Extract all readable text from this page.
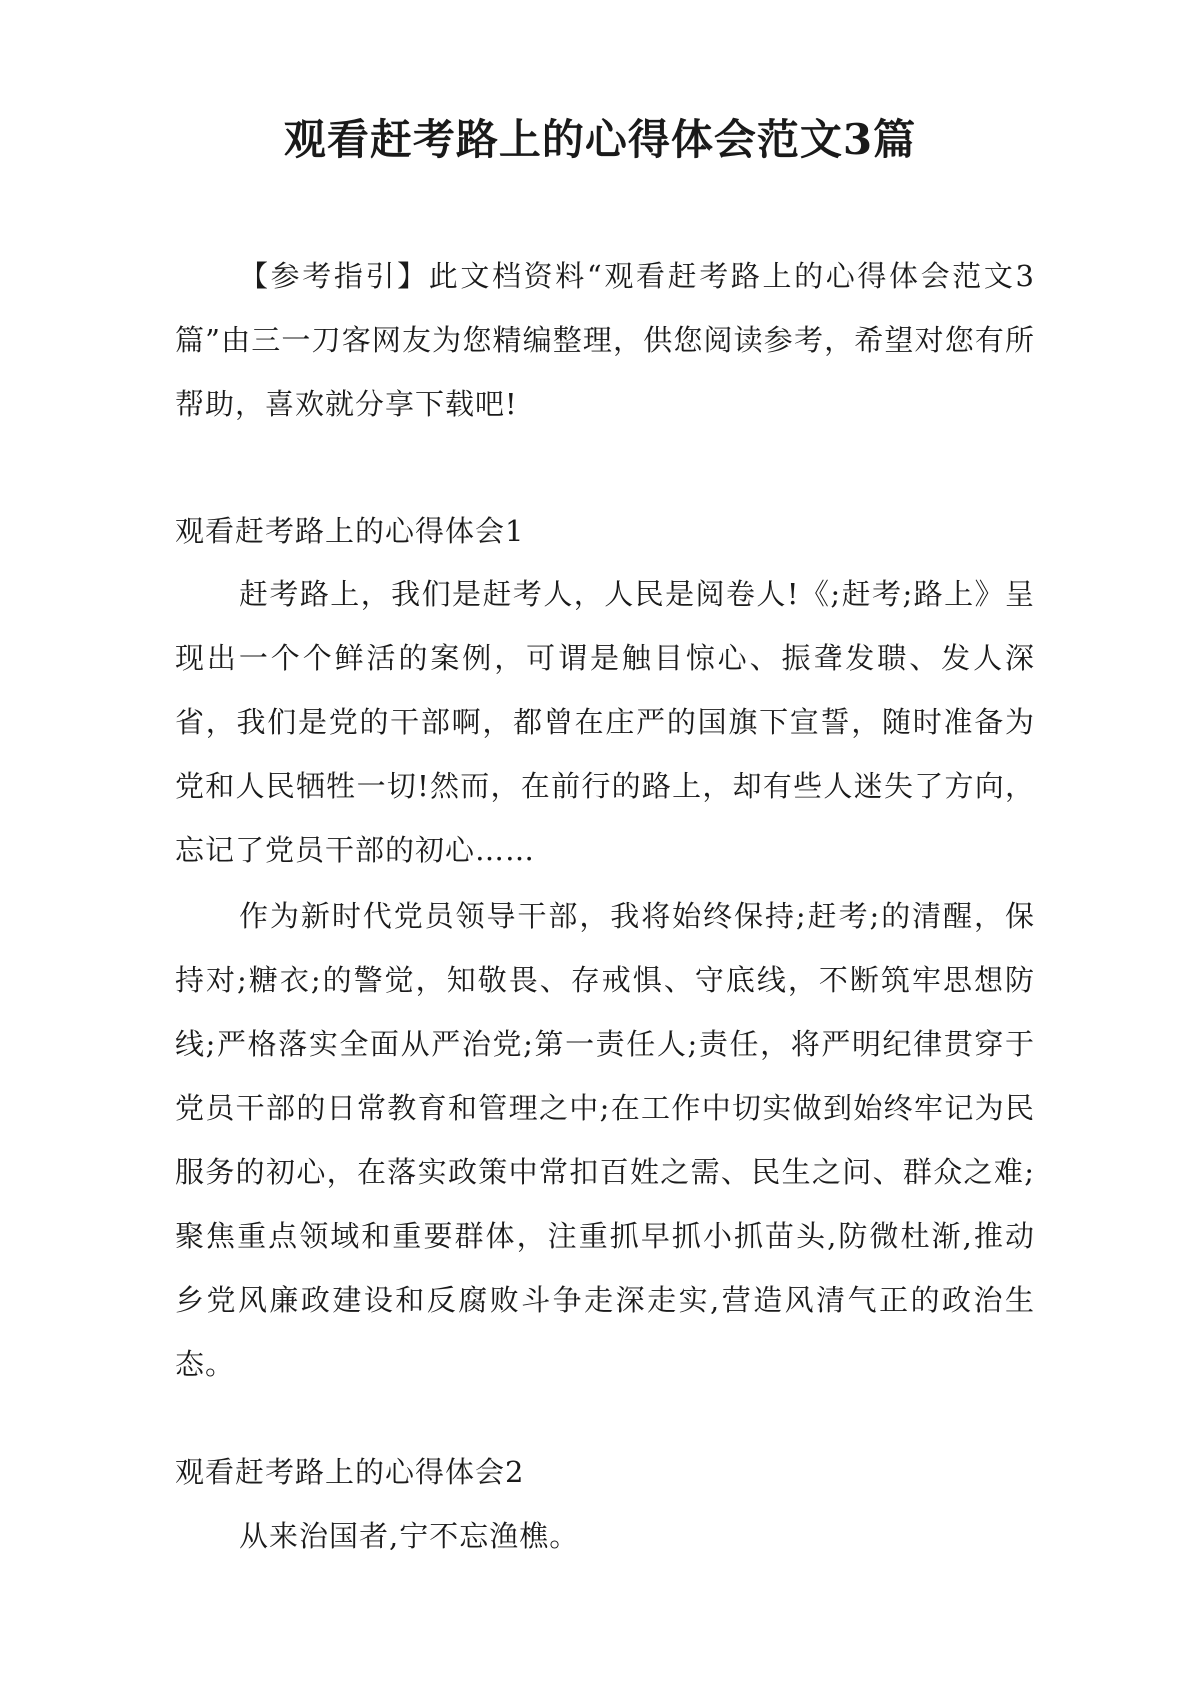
观看赶考路上的心得体会范文3篇

【参考指引】此文档资料“观看赶考路上的心得体会范文3篇”由三一刀客网友为您精编整理，供您阅读参考，希望对您有所帮助，喜欢就分享下载吧!

观看赶考路上的心得体会1

赶考路上，我们是赶考人，人民是阅卷人!《;赶考;路上》呈现出一个个鲜活的案例，可谓是触目惊心、振聋发聩、发人深省，我们是党的干部啊，都曾在庄严的国旗下宣誓，随时准备为党和人民牺牲一切!然而，在前行的路上，却有些人迷失了方向，忘记了党员干部的初心……

作为新时代党员领导干部，我将始终保持;赶考;的清醒，保持对;糖衣;的警觉，知敬畏、存戒惧、守底线，不断筑牢思想防线;严格落实全面从严治党;第一责任人;责任，将严明纪律贯穿于党员干部的日常教育和管理之中;在工作中切实做到始终牢记为民服务的初心，在落实政策中常扣百姓之需、民生之问、群众之难;聚焦重点领域和重要群体，注重抓早抓小抓苗头,防微杜渐,推动乡党风廉政建设和反腐败斗争走深走实,营造风清气正的政治生态。

观看赶考路上的心得体会2

从来治国者,宁不忘渔樵。
